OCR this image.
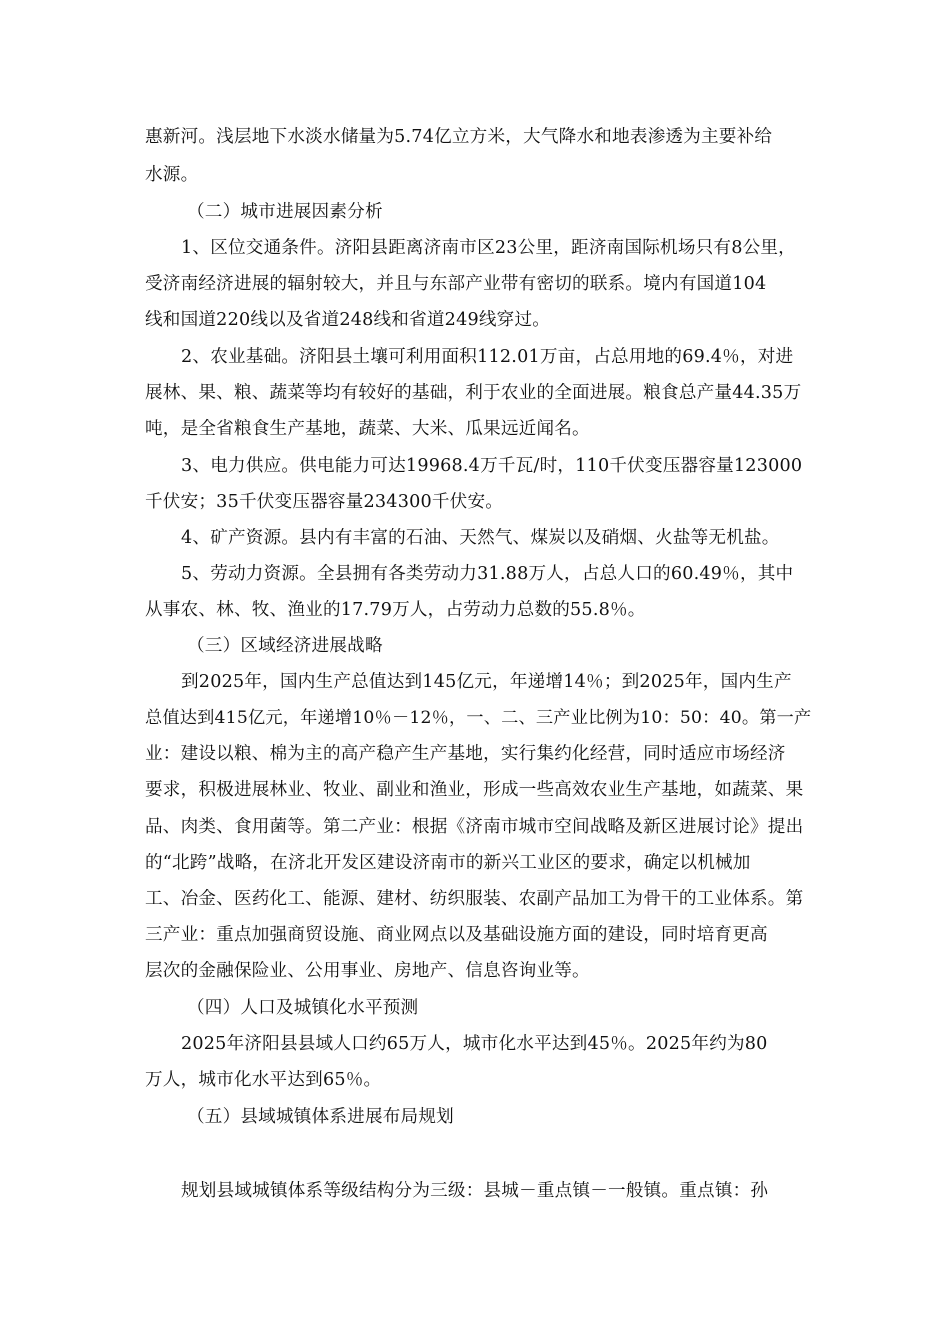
惠新河。浅层地下水淡水储量为5.74亿立方米，大气降水和地表渗透为主要补给
水源。
（二）城市进展因素分析
1、区位交通条件。济阳县距离济南市区23公里，距济南国际机场只有8公里，
受济南经济进展的辐射较大，并且与东部产业带有密切的联系。境内有国道104
线和国道220线以及省道248线和省道249线穿过。
2、农业基础。济阳县土壤可利用面积112.01万亩，占总用地的69.4％，对进
展林、果、粮、蔬菜等均有较好的基础，利于农业的全面进展。粮食总产量44.35万
吨，是全省粮食生产基地，蔬菜、大米、瓜果远近闻名。
3、电力供应。供电能力可达19968.4万千瓦/时，110千伏变压器容量123000
千伏安；35千伏变压器容量234300千伏安。
4、矿产资源。县内有丰富的石油、天然气、煤炭以及硝烟、火盐等无机盐。
5、劳动力资源。全县拥有各类劳动力31.88万人，占总人口的60.49％，其中
从事农、林、牧、渔业的17.79万人，占劳动力总数的55.8％。
（三）区域经济进展战略
到2025年，国内生产总值达到145亿元，年递增14％；到2025年，国内生产
总值达到415亿元，年递增10％－12％，一、二、三产业比例为10：50：40。第一产
业：建设以粮、棉为主的高产稳产生产基地，实行集约化经营，同时适应市场经济
要求，积极进展林业、牧业、副业和渔业，形成一些高效农业生产基地，如蔬菜、果
品、肉类、食用菌等。第二产业：根据《济南市城市空间战略及新区进展讨论》提出
的“北跨”战略，在济北开发区建设济南市的新兴工业区的要求，确定以机械加
工、冶金、医药化工、能源、建材、纺织服装、农副产品加工为骨干的工业体系。第
三产业：重点加强商贸设施、商业网点以及基础设施方面的建设，同时培育更高
层次的金融保险业、公用事业、房地产、信息咨询业等。
（四）人口及城镇化水平预测
2025年济阳县县域人口约65万人，城市化水平达到45％。2025年约为80
万人，城市化水平达到65％。
（五）县域城镇体系进展布局规划
规划县域城镇体系等级结构分为三级：县城－重点镇－一般镇。重点镇：孙
